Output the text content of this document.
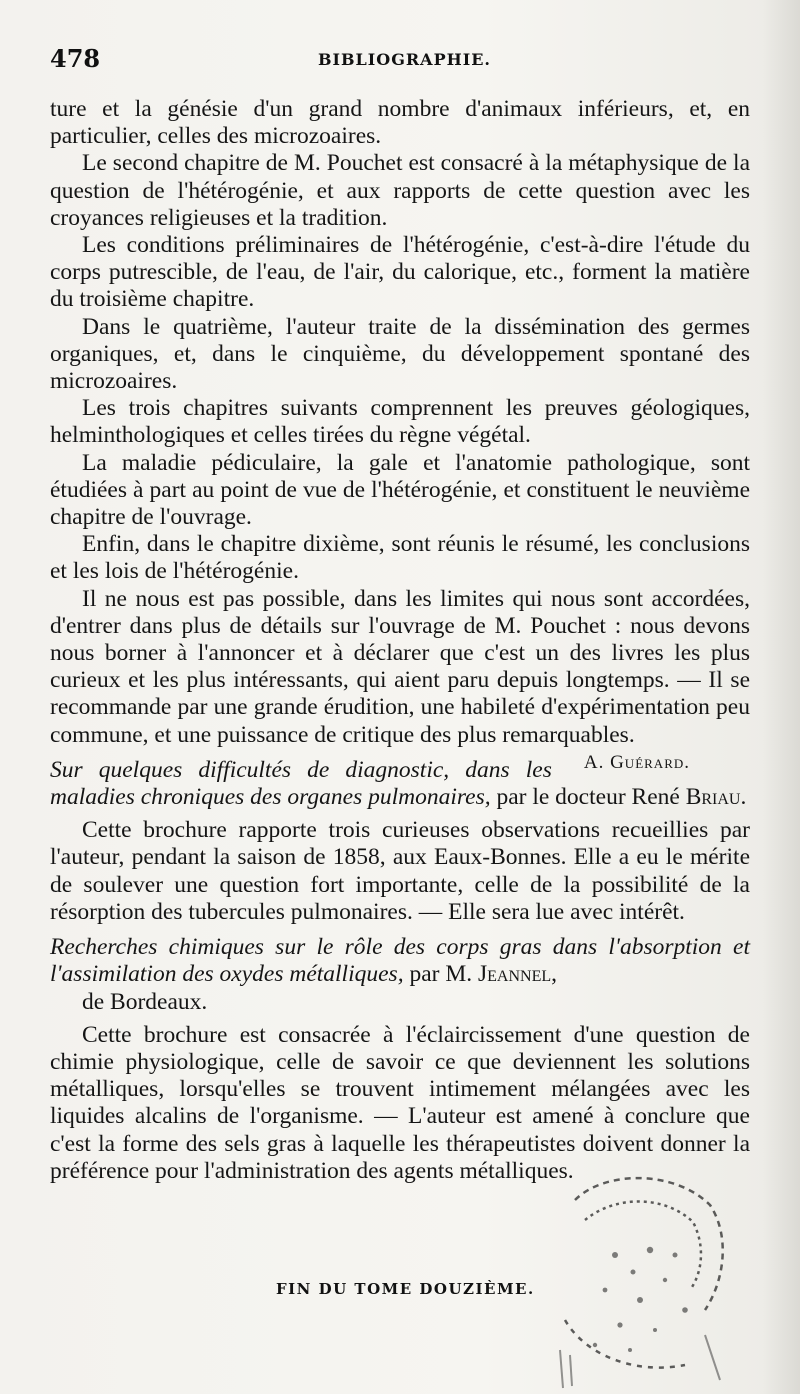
478	BIBLIOGRAPHIE.

ture et la génésie d'un grand nombre d'animaux inférieurs, et, en particulier, celles des microzoaires.

Le second chapitre de M. Pouchet est consacré à la métaphysique de la question de l'hétérogénie, et aux rapports de cette question avec les croyances religieuses et la tradition.

Les conditions préliminaires de l'hétérogénie, c'est-à-dire l'étude du corps putrescible, de l'eau, de l'air, du calorique, etc., forment la matière du troisième chapitre.

Dans le quatrième, l'auteur traite de la dissémination des germes organiques, et, dans le cinquième, du développement spontané des microzoaires.

Les trois chapitres suivants comprennent les preuves géologiques, helminthologiques et celles tirées du règne végétal.

La maladie pédiculaire, la gale et l'anatomie pathologique, sont étudiées à part au point de vue de l'hétérogénie, et constituent le neuvième chapitre de l'ouvrage.

Enfin, dans le chapitre dixième, sont réunis le résumé, les conclusions et les lois de l'hétérogénie.

Il ne nous est pas possible, dans les limites qui nous sont accordées, d'entrer dans plus de détails sur l'ouvrage de M. Pouchet : nous devons nous borner à l'annoncer et à déclarer que c'est un des livres les plus curieux et les plus intéressants, qui aient paru depuis longtemps. — Il se recommande par une grande érudition, une habileté d'expérimentation peu commune, et une puissance de critique des plus remarquables.
A. Guérard.

Sur quelques difficultés de diagnostic, dans les maladies chroniques des organes pulmonaires, par le docteur René Briau.

Cette brochure rapporte trois curieuses observations recueillies par l'auteur, pendant la saison de 1858, aux Eaux-Bonnes. Elle a eu le mérite de soulever une question fort importante, celle de la possibilité de la résorption des tubercules pulmonaires. — Elle sera lue avec intérêt.

Recherches chimiques sur le rôle des corps gras dans l'absorption et l'assimilation des oxydes métalliques, par M. Jeannel,
de Bordeaux.

Cette brochure est consacrée à l'éclaircissement d'une question de chimie physiologique, celle de savoir ce que deviennent les solutions métalliques, lorsqu'elles se trouvent intimement mélangées avec les liquides alcalins de l'organisme. — L'auteur est amené à conclure que c'est la forme des sels gras à laquelle les thérapeutistes doivent donner la préférence pour l'administration des agents métalliques.

FIN DU TOME DOUZIÈME.
